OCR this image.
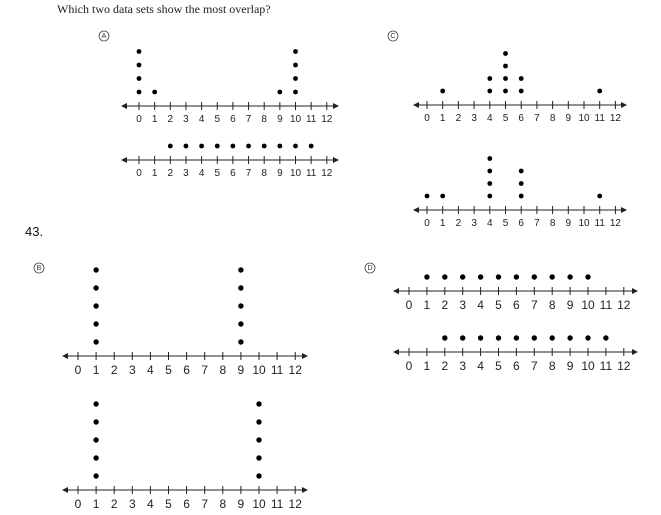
Which two data sets show the most overlap?
43.
A
0 1 2 3 4 5 6 7 8 9 10 11 12
0 1 2 3 4 5 6 7 8 9 10 11 12
C
0 1 2 3 4 5 6 7 8 9 10 11 12
0 1 2 3 4 5 6 7 8 9 10 11 12
B
0 1 2 3 4 5 6 7 8 9 10 11 12
0 1 2 3 4 5 6 7 8 9 10 11 12
D
0 1 2 3 4 5 6 7 8 9 10 11 12
0 1 2 3 4 5 6 7 8 9 10 11 12
